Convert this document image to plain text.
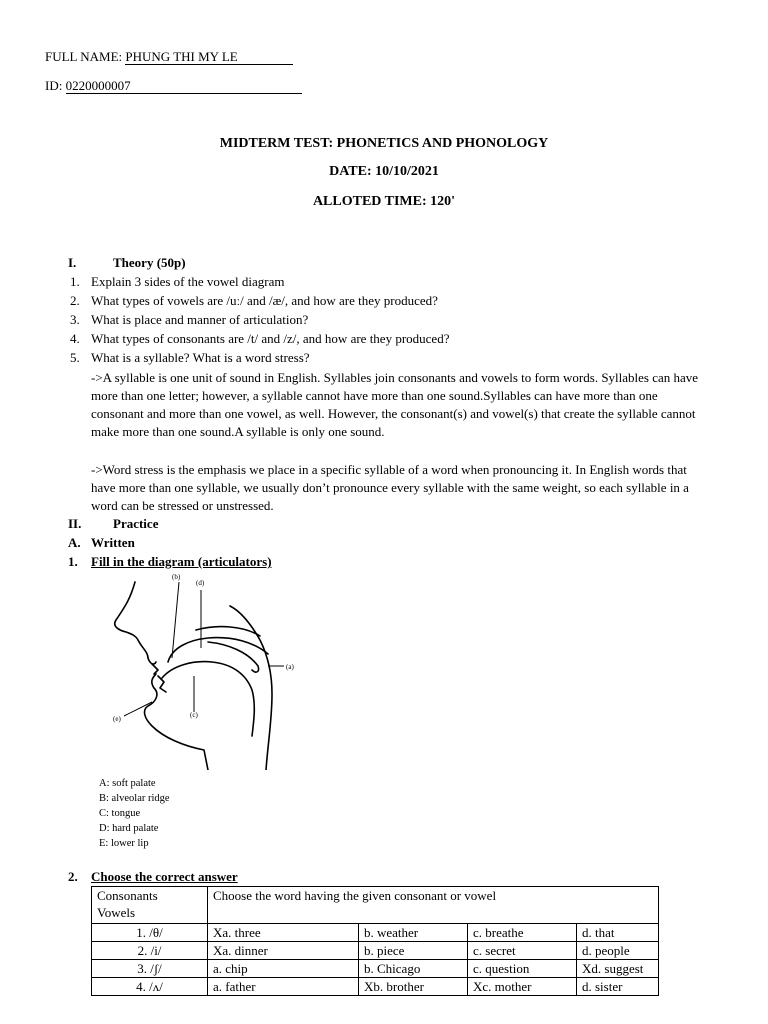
FULL NAME: PHUNG THI MY LE
ID: 0220000007
MIDTERM TEST: PHONETICS AND PHONOLOGY
DATE: 10/10/2021
ALLOTED TIME: 120'
I.	Theory (50p)
1. Explain 3 sides of the vowel diagram
2. What types of vowels are /uː/ and /æ/, and how are they produced?
3. What is place and manner of articulation?
4. What types of consonants are /t/ and /z/, and how are they produced?
5. What is a syllable? What is a word stress?
->A syllable is one unit of sound in English. Syllables join consonants and vowels to form words. Syllables can have more than one letter; however, a syllable cannot have more than one sound.Syllables can have more than one consonant and more than one vowel, as well. However, the consonant(s) and vowel(s) that create the syllable cannot make more than one sound.A syllable is only one sound.
->Word stress is the emphasis we place in a specific syllable of a word when pronouncing it. In English words that have more than one syllable, we usually don’t pronounce every syllable with the same weight, so each syllable in a word can be stressed or unstressed.
II. Practice
A. Written
1. Fill in the diagram (articulators)
(b)
(d)
(a)
(c)
(e)
A: soft palate
B: alveolar ridge
C: tongue
D: hard palate
E: lower lip
2. Choose the correct answer
Consonants
Vowels	Choose the word having the given consonant or vowel			
1. /θ/	Xa. three	b. weather	c. breathe	d. that
2. /i/	Xa. dinner	b. piece	c. secret	d. people
3. /ʃ/	a. chip	b. Chicago	c. question	Xd. suggest
4. /ʌ/	a. father	Xb. brother	Xc. mother	d. sister
